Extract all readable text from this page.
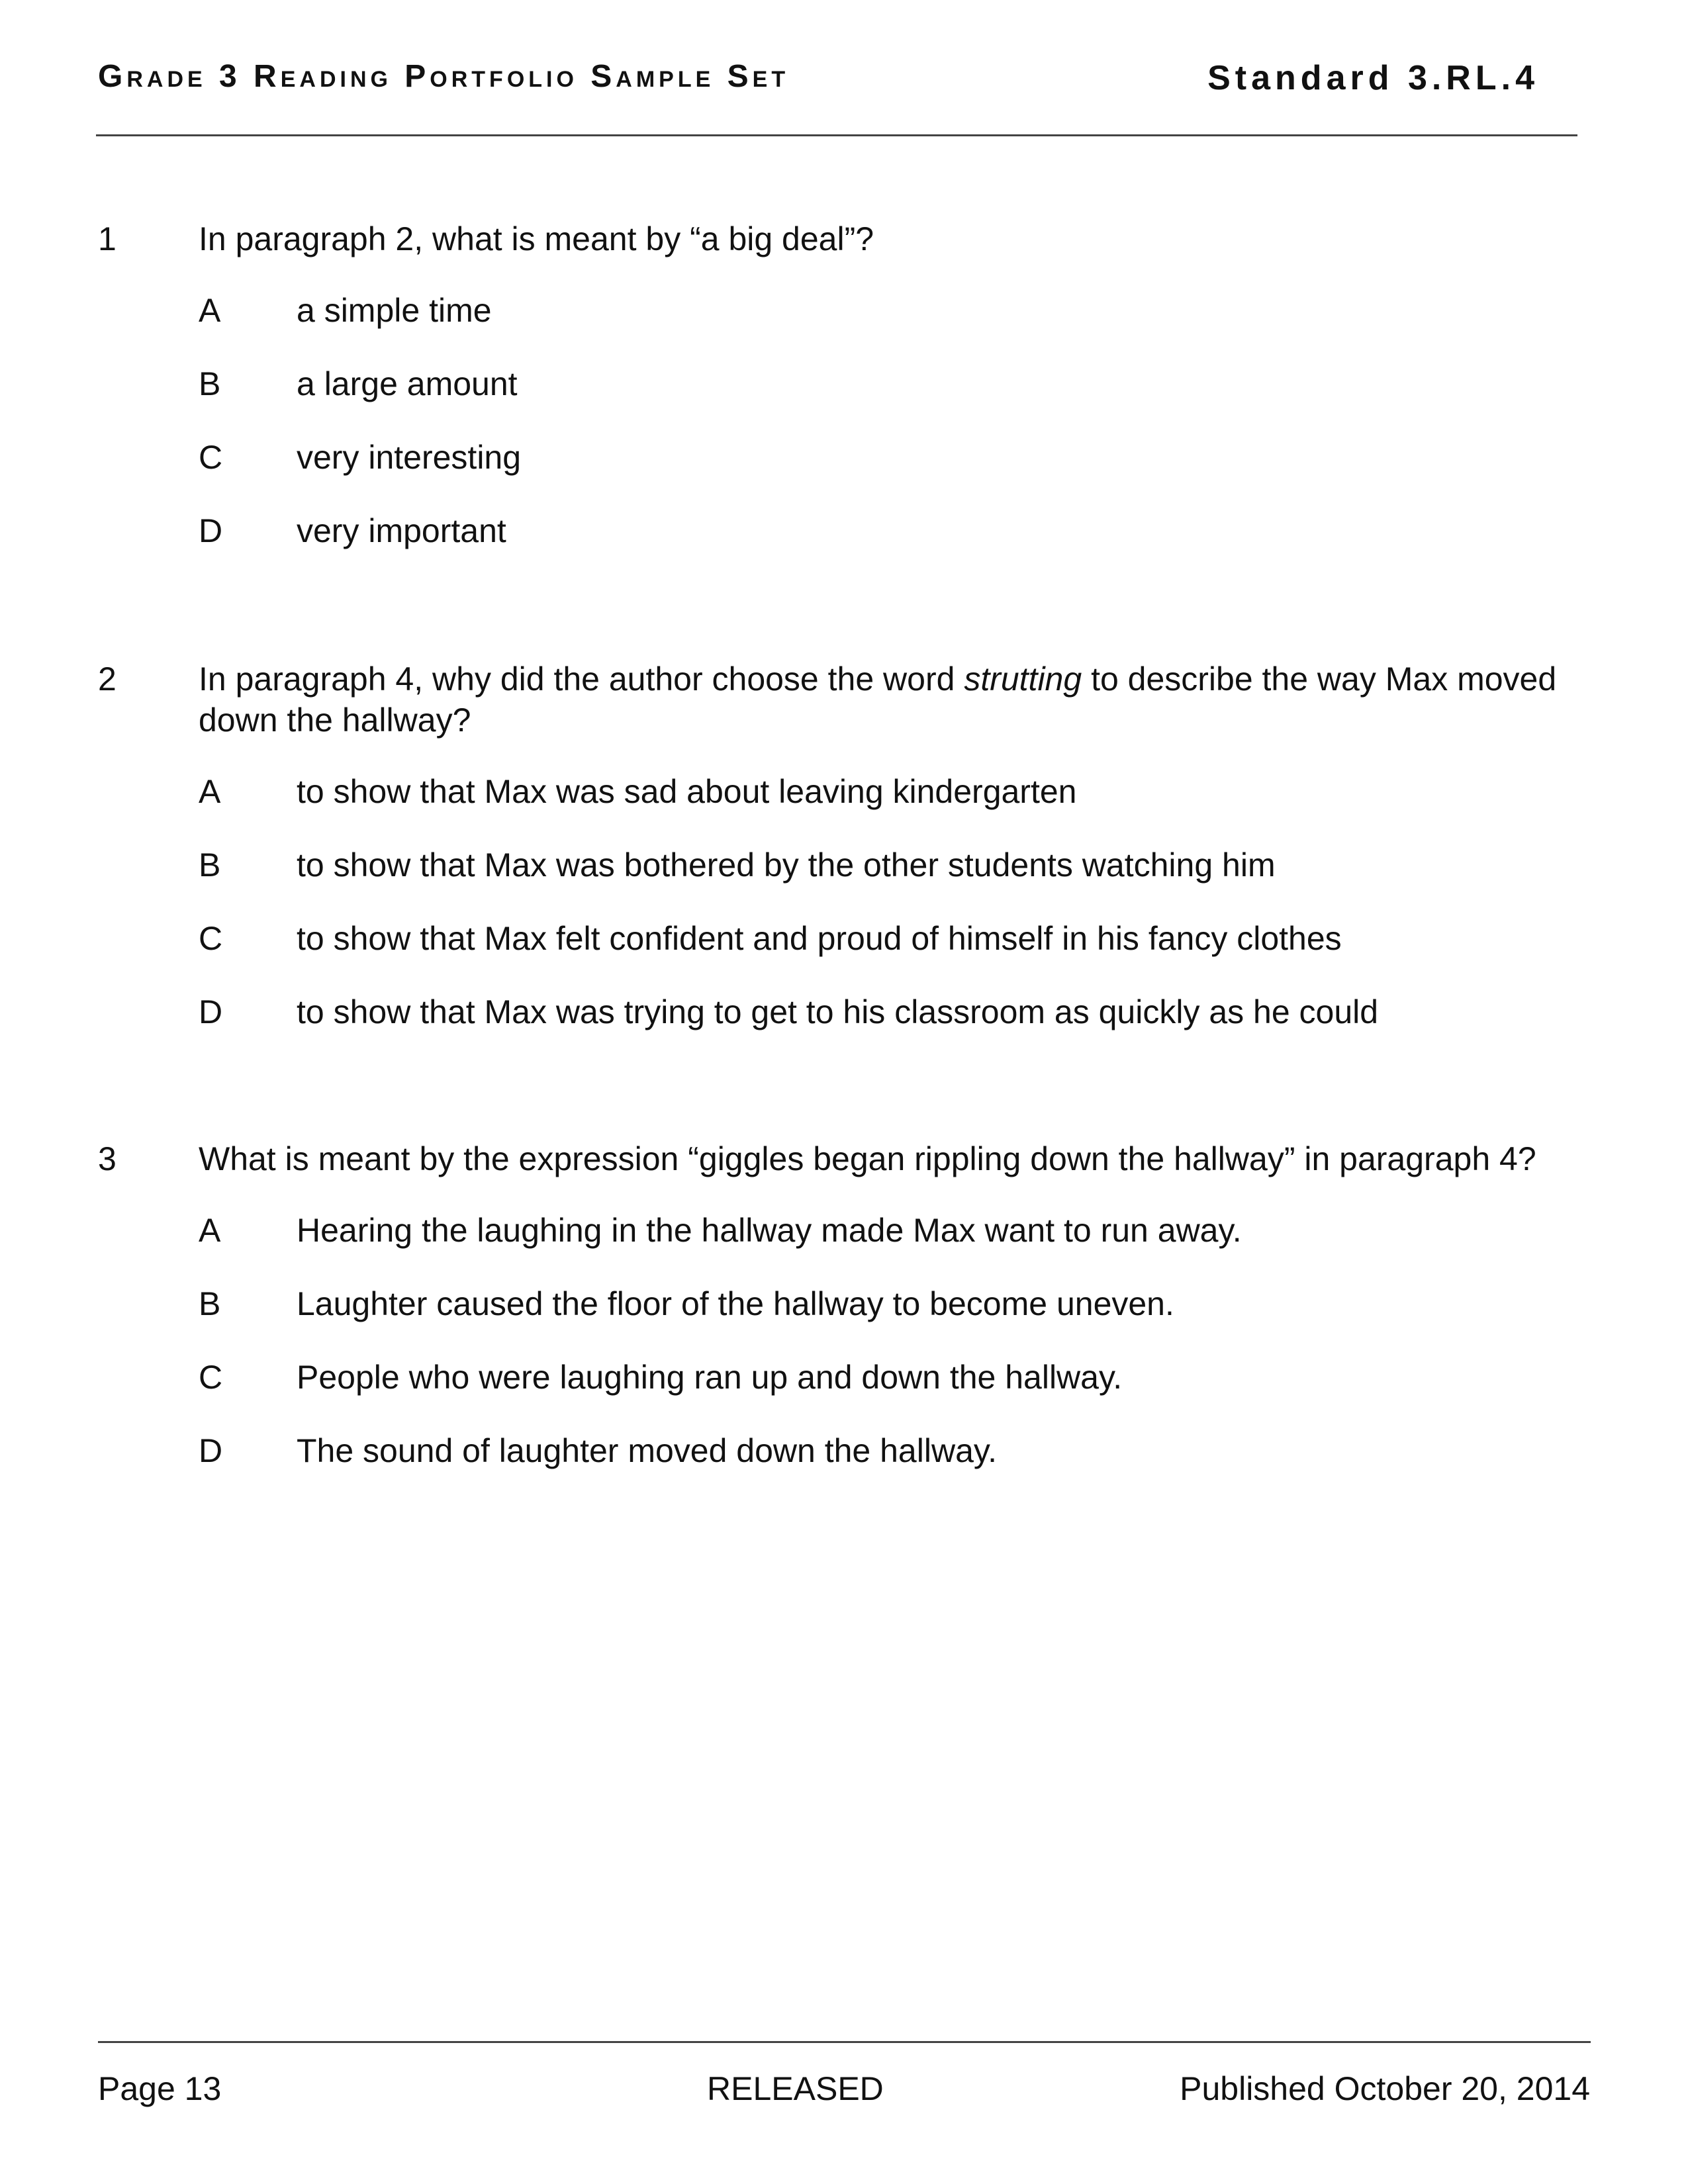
Grade 3 Reading Portfolio Sample Set	Standard 3.RL.4
1 In paragraph 2, what is meant by “a big deal”?
A a simple time
B a large amount
C very interesting
D very important
2 In paragraph 4, why did the author choose the word strutting to describe the way Max moved down the hallway?
A to show that Max was sad about leaving kindergarten
B to show that Max was bothered by the other students watching him
C to show that Max felt confident and proud of himself in his fancy clothes
D to show that Max was trying to get to his classroom as quickly as he could
3 What is meant by the expression “giggles began rippling down the hallway” in paragraph 4?
A Hearing the laughing in the hallway made Max want to run away.
B Laughter caused the floor of the hallway to become uneven.
C People who were laughing ran up and down the hallway.
D The sound of laughter moved down the hallway.
Page 13	RELEASED	Published October 20, 2014
